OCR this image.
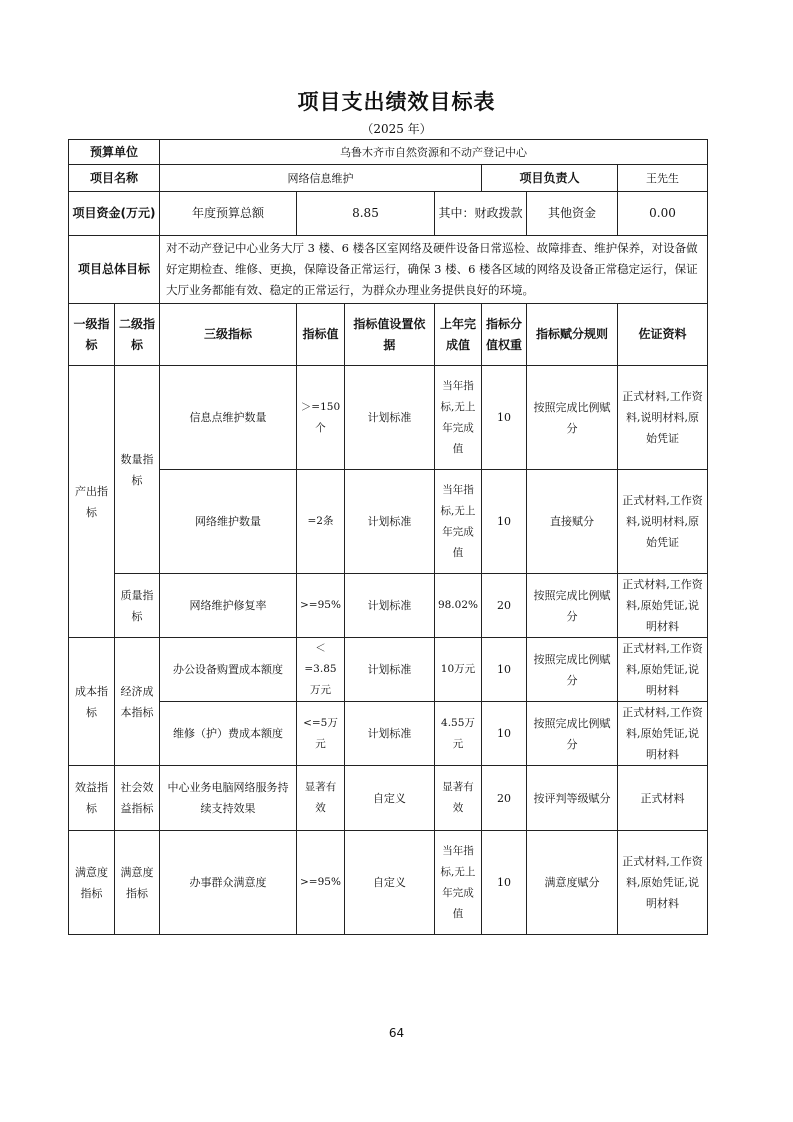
项目支出绩效目标表
（2025 年）
预算单位		乌鲁木齐市自然资源和不动产登记中心						
项目名称		网络信息维护				项目负责人		王先生
项目资金(万元)		年度预算总额	8.85		其中：财政拨款		其他资金	0.00
项目总体目标		对不动产登记中心业务大厅 3 楼、6 楼各区室网络及硬件设备日常巡检、故障排查、维护保养，对设备做好定期检查、维修、更换，保障设备正常运行，确保 3 楼、6 楼各区域的网络及设备正常稳定运行，保证大厅业务都能有效、稳定的正常运行，为群众办理业务提供良好的环境。						
一级指标	二级指标	三级指标	指标值	指标值设置依据	上年完成值	指标分值权重	指标赋分规则	佐证资料
产出指标	数量指标	信息点维护数量	＞=150个	计划标准	当年指标,无上年完成值	10	按照完成比例赋分	正式材料,工作资料,说明材料,原始凭证
		网络维护数量	=2条	计划标准	当年指标,无上年完成值	10	直接赋分	正式材料,工作资料,说明材料,原始凭证
	质量指标	网络维护修复率	>=95%	计划标准	98.02%	20	按照完成比例赋分	正式材料,工作资料,原始凭证,说明材料
成本指标	经济成本指标	办公设备购置成本额度	＜=3.85万元	计划标准	10万元	10	按照完成比例赋分	正式材料,工作资料,原始凭证,说明材料
		维修（护）费成本额度	<=5万元	计划标准	4.55万元	10	按照完成比例赋分	正式材料,工作资料,原始凭证,说明材料
效益指标	社会效益指标	中心业务电脑网络服务持续支持效果	显著有效	自定义	显著有效	20	按评判等级赋分	正式材料
满意度指标	满意度指标	办事群众满意度	>=95%	自定义	当年指标,无上年完成值	10	满意度赋分	正式材料,工作资料,原始凭证,说明材料
64
